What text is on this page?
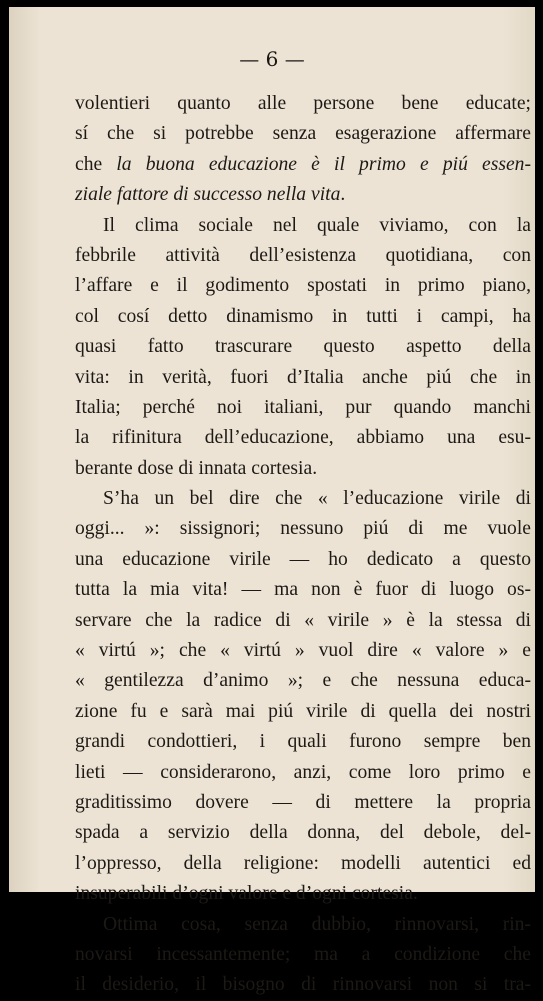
— 6 —
volentieri quanto alle persone bene educate;
sí che si potrebbe senza esagerazione affermare
che la buona educazione è il primo e piú essen-
ziale fattore di successo nella vita.
Il clima sociale nel quale viviamo, con la
febbrile attività dell’esistenza quotidiana, con
l’affare e il godimento spostati in primo piano,
col cosí detto dinamismo in tutti i campi, ha
quasi fatto trascurare questo aspetto della
vita: in verità, fuori d’Italia anche piú che in
Italia; perché noi italiani, pur quando manchi
la rifinitura dell’educazione, abbiamo una esu-
berante dose di innata cortesia.
S’ha un bel dire che « l’educazione virile di
oggi... »: sissignori; nessuno piú di me vuole
una educazione virile — ho dedicato a questo
tutta la mia vita! — ma non è fuor di luogo os-
servare che la radice di « virile » è la stessa di
« virtú »; che « virtú » vuol dire « valore » e
« gentilezza d’animo »; e che nessuna educa-
zione fu e sarà mai piú virile di quella dei nostri
grandi condottieri, i quali furono sempre ben
lieti — considerarono, anzi, come loro primo e
graditissimo dovere — di mettere la propria
spada a servizio della donna, del debole, del-
l’oppresso, della religione: modelli autentici ed
insuperabili d’ogni valore e d’ogni cortesia.
Ottima cosa, senza dubbio, rinnovarsi, rin-
novarsi incessantemente; ma a condizione che
il desiderio, il bisogno di rinnovarsi non si tra-
